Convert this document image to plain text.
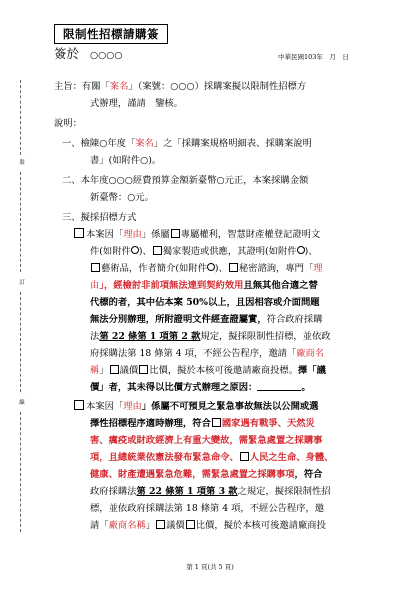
限制性招標請購簽
簽於 ○○○○	中華民國103年　月　日
裝
訂
線
主旨：有關「案名」（案號：○○○）採購案擬以限制性招標方
式辦理，謹請　鑒核。
說明：
一、檢陳○年度「案名」之「採購案規格明細表、採購案說明
書」(如附件○)。
二、本年度○○○經費預算金額新臺幣○元正，本案採購金額
新臺幣：○元。
三、擬採招標方式
本案因「理由」係屬 專屬權利，智慧財產權登記證明文
件(如附件 )、 獨家製造或供應，其證明(如附件 )、
藝術品，作者簡介(如附件 )、 秘密諮詢，專門「理
由」，經檢討非前項無法達到契約效用且無其他合適之替
代標的者，其中佔本案 50%以上，且因相容或介面問題
無法分別辦理，所附證明文件經查證屬實，符合政府採購
法第 22 條第 1 項第 2 款規定，擬採限制性招標，並依政
府採購法第 18 條第 4 項，不經公告程序，邀請「廠商名
稱」 議價 比價，擬於本核可後邀請廠商投標。擇「議
價」者，其未得以比價方式辦理之原因：	。
本案因「理由」係屬不可預見之緊急事故無法以公開或選
擇性招標程序適時辦理，符合 國家遇有戰爭、天然災
害、癘疫或財政經濟上有重大變故，需緊急處置之採購事
項，且總統業依憲法發布緊急命令、 人民之生命、身體、
健康、財產遭遇緊急危難，需緊急處置之採購事項，符合
政府採購法第 22 條第 1 項第 3 款之規定，擬採限制性招
標，並依政府採購法第 18 條第 4 項，不經公告程序，邀
請「廠商名稱」 議價 比價，擬於本核可後邀請廠商投
第 1 頁(共 5 頁)
